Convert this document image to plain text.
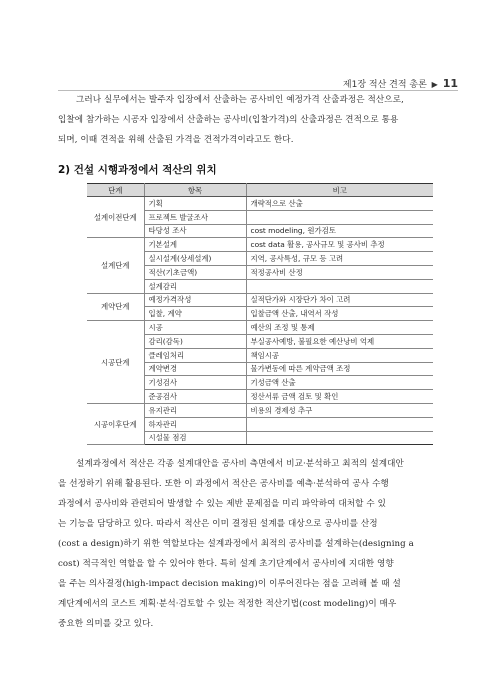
제1장 적산 견적 총론 ▶ 11
그러나 실무에서는 발주자 입장에서 산출하는 공사비인 예정가격 산출과정은 적산으로,
입찰에 참가하는 시공자 입장에서 산출하는 공사비(입찰가격)의 산출과정은 견적으로 통용
되며, 이때 견적을 위해 산출된 가격을 견적가격이라고도 한다.
2) 건설 시행과정에서 적산의 위치
단계	항목	비고
설계이전단계	기획	개략적으로 산출
	프로젝트 발굴조사	
	타당성 조사	cost modeling, 원가검토
설계단계	기본설계	cost data 활용, 공사규모 및 공사비 추정
	실시설계(상세설계)	지역, 공사특성, 규모 등 고려
	적산(기초금액)	적정공사비 산정
	설계감리	
계약단계	예정가격작성	실적단가와 시장단가 차이 고려
	입찰, 계약	입찰금액 산출, 내역서 작성
시공단계	시공	예산의 조정 및 통제
	감리(감독)	부실공사예방, 불필요한 예산낭비 억제
	클레임처리	책임시공
	계약변경	물가변동에 따른 계약금액 조정
	기성검사	기성금액 산출
	준공검사	정산서류 금액 검토 및 확인
시공이후단계	유지관리	비용의 경제성 추구
	하자관리	
	시설물 점검	
설계과정에서 적산은 각종 설계대안을 공사비 측면에서 비교·분석하고 최적의 설계대안
을 선정하기 위해 활용된다. 또한 이 과정에서 적산은 공사비를 예측·분석하여 공사 수행
과정에서 공사비와 관련되어 발생할 수 있는 제반 문제점을 미리 파악하여 대처할 수 있
는 기능을 담당하고 있다. 따라서 적산은 이미 결정된 설계를 대상으로 공사비를 산정
(cost a design)하기 위한 역할보다는 설계과정에서 최적의 공사비를 설계하는(designing a
cost) 적극적인 역할을 할 수 있어야 한다. 특히 설계 초기단계에서 공사비에 지대한 영향
을 주는 의사결정(high-impact decision making)이 이루어진다는 점을 고려해 볼 때 설
계단계에서의 코스트 계획·분석·검토할 수 있는 적정한 적산기법(cost modeling)이 매우
중요한 의미를 갖고 있다.
